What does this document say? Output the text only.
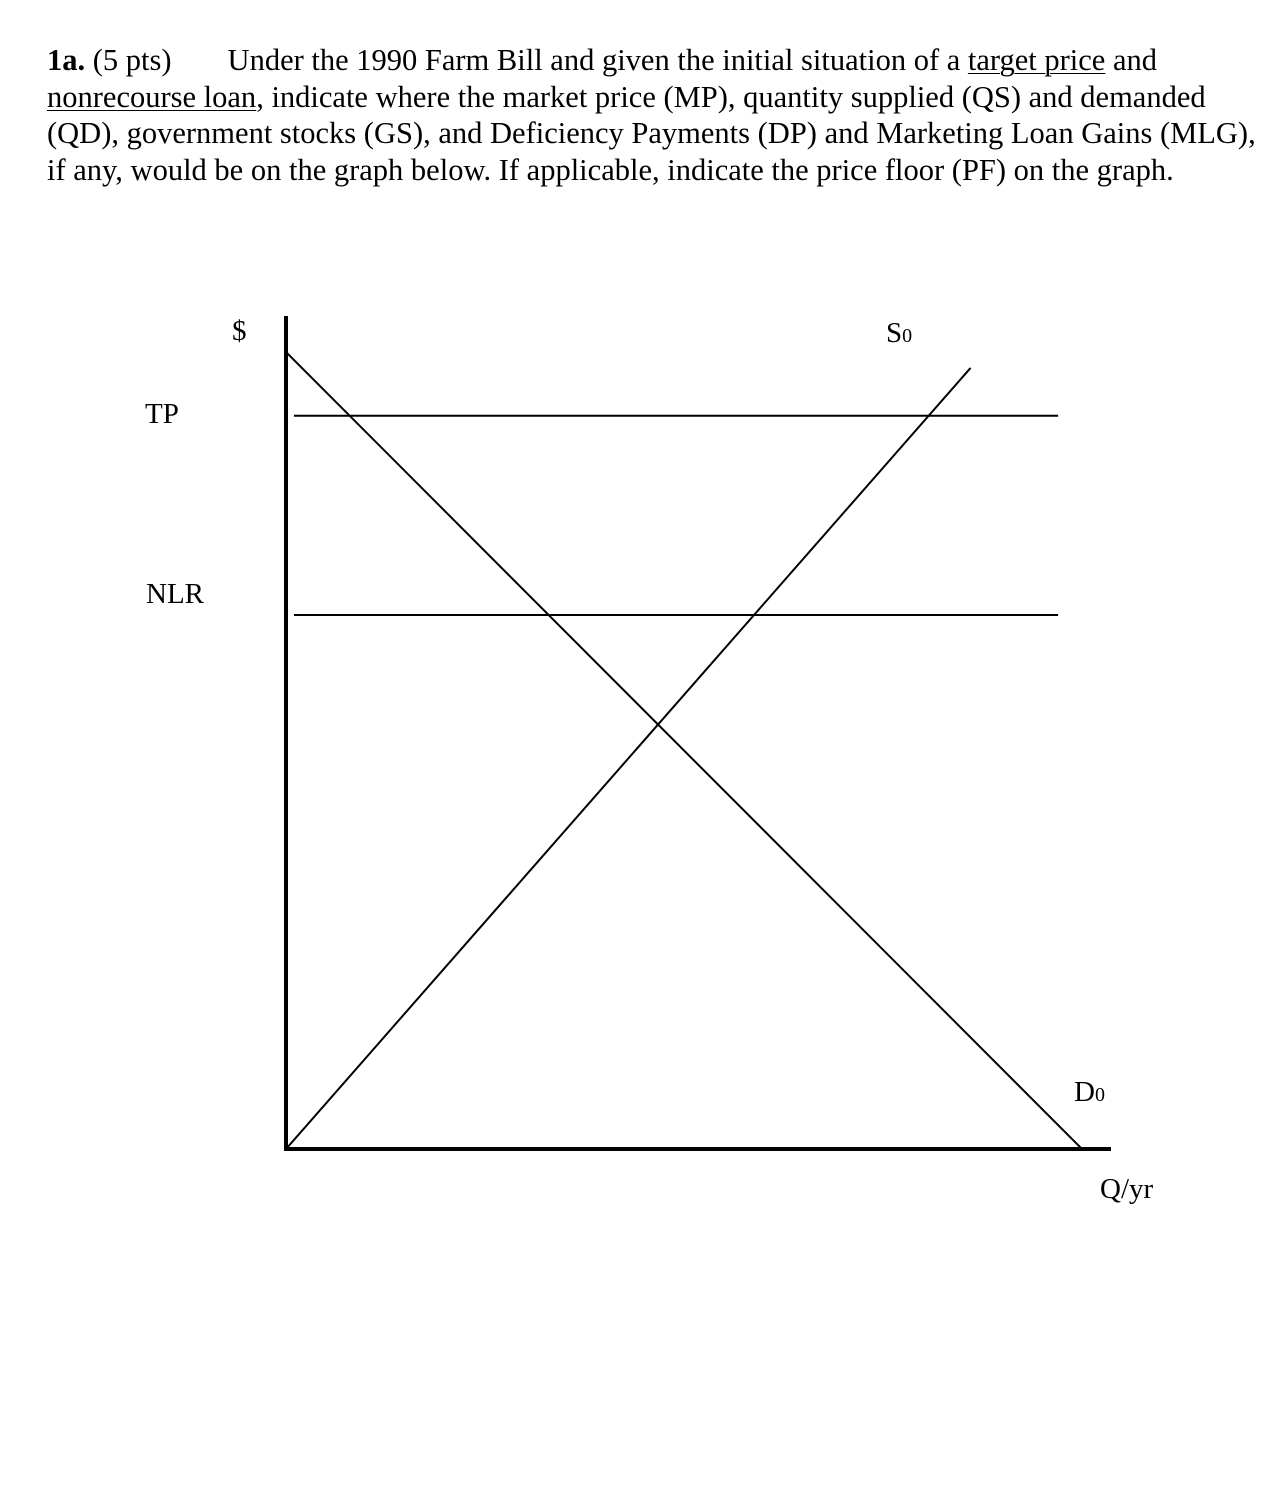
1a. (5 pts) Under the 1990 Farm Bill and given the initial situation of a target price and nonrecourse loan, indicate where the market price (MP), quantity supplied (QS) and demanded (QD), government stocks (GS), and Deficiency Payments (DP) and Marketing Loan Gains (MLG), if any, would be on the graph below. If applicable, indicate the price floor (PF) on the graph.
$
Q/yr
TP
NLR
S0
D0
